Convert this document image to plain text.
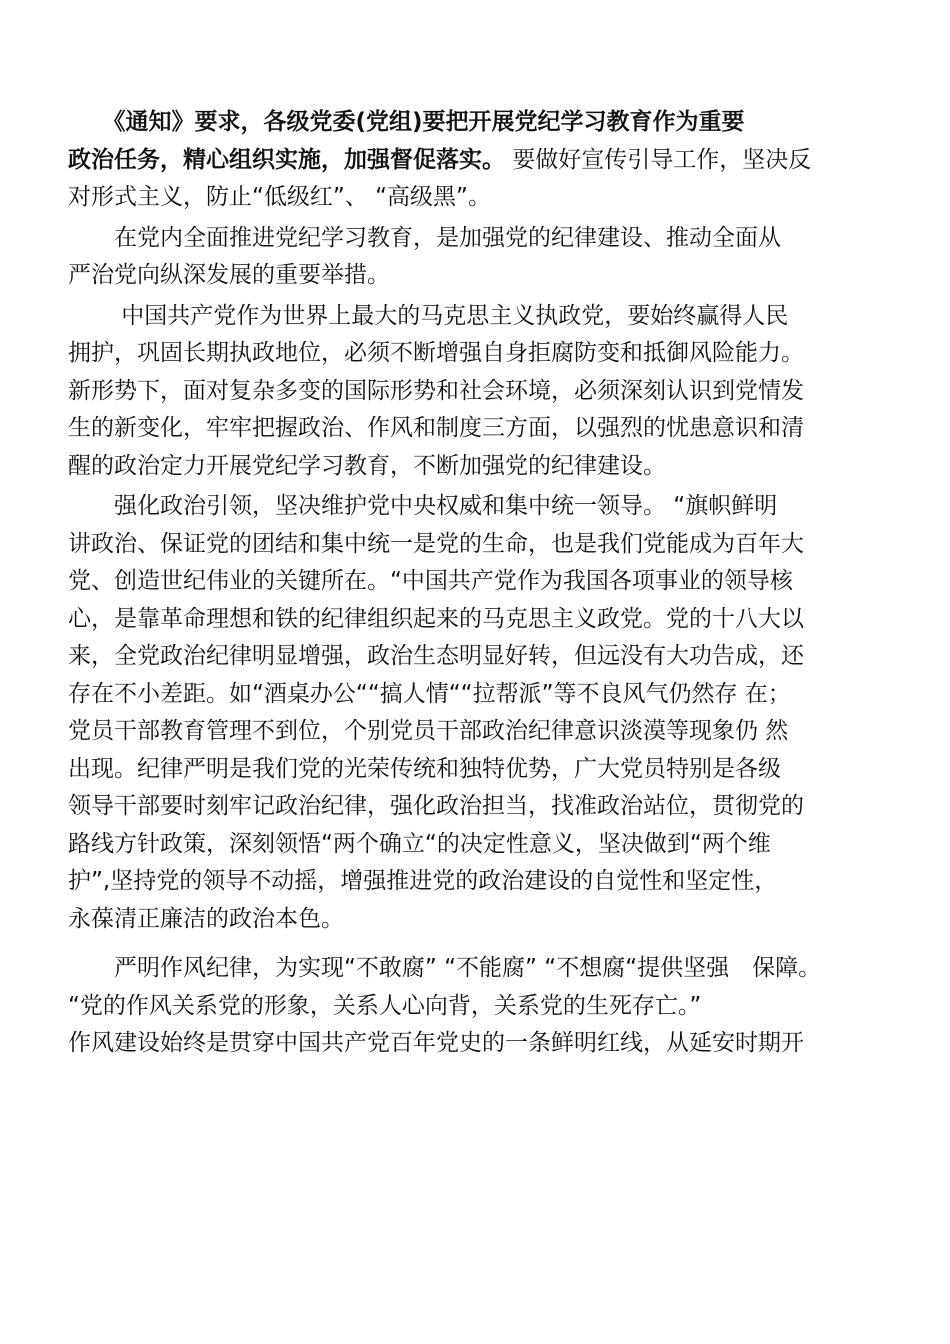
　　《通知》要求，各级党委(党组)要把开展党纪学习教育作为重要
政治任务，精心组织实施，加强督促落实。 要做好宣传引导工作，坚决反
对形式主义，防止“低级红”、 “高级黑”。

　　在党内全面推进党纪学习教育，是加强党的纪律建设、推动全面从
严治党向纵深发展的重要举措。

　　 中国共产党作为世界上最大的马克思主义执政党，要始终赢得人民
拥护，巩固长期执政地位，必须不断增强自身拒腐防变和抵御风险能力。
新形势下，面对复杂多变的国际形势和社会环境，必须深刻认识到党情发
生的新变化，牢牢把握政治、作风和制度三方面，以强烈的忧患意识和清
醒的政治定力开展党纪学习教育，不断加强党的纪律建设。

　　强化政治引领，坚决维护党中央权威和集中统一领导。 “旗帜鲜明
讲政治、保证党的团结和集中统一是党的生命，也是我们党能成为百年大
党、创造世纪伟业的关键所在。“中国共产党作为我国各项事业的领导核
心，是靠革命理想和铁的纪律组织起来的马克思主义政党。党的十八大以
来，全党政治纪律明显增强，政治生态明显好转，但远没有大功告成，还
存在不小差距。如“酒桌办公““搞人情““拉帮派”等不良风气仍然存 在；
党员干部教育管理不到位，个别党员干部政治纪律意识淡漠等现象仍 然
出现。纪律严明是我们党的光荣传统和独特优势，广大党员特别是各级
领导干部要时刻牢记政治纪律，强化政治担当，找准政治站位，贯彻党的
路线方针政策，深刻领悟“两个确立“的决定性意义，坚决做到“两个维
护”,坚持党的领导不动摇，增强推进党的政治建设的自觉性和坚定性，
永葆清正廉洁的政治本色。

　　严明作风纪律，为实现“不敢腐” “不能腐” “不想腐“提供坚强　保障。
“党的作风关系党的形象，关系人心向背，关系党的生死存亡。”
作风建设始终是贯穿中国共产党百年党史的一条鲜明红线，从延安时期开
